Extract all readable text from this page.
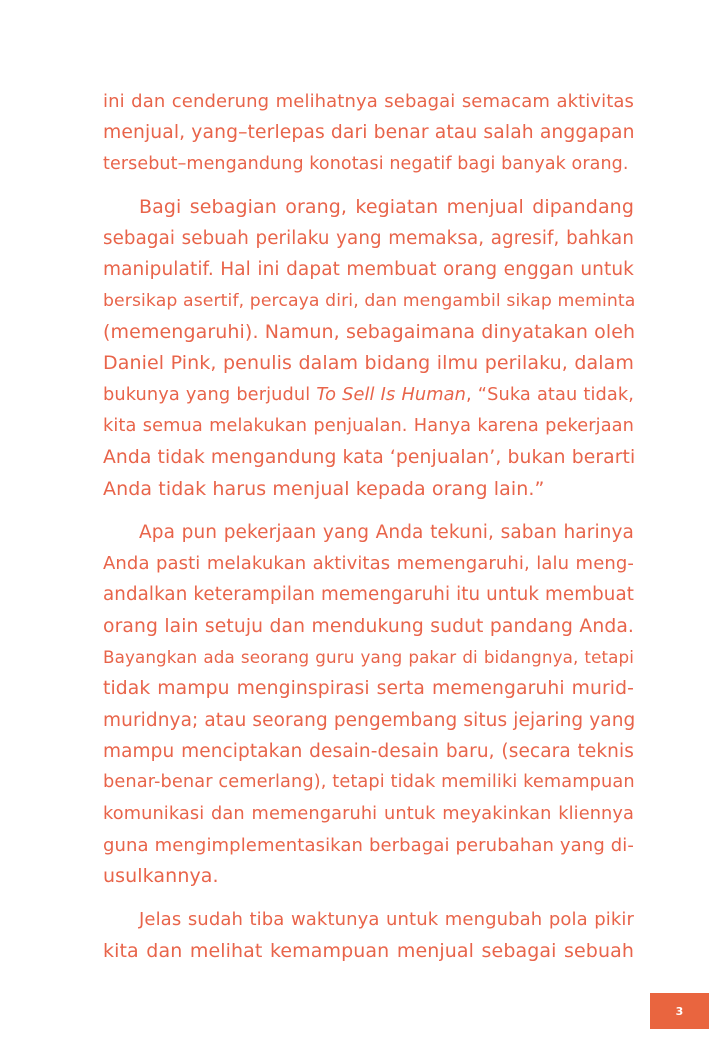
ini dan cenderung melihatnya sebagai semacam aktivitas
menjual, yang–terlepas dari benar atau salah anggapan
tersebut–mengandung konotasi negatif bagi banyak orang.
Bagi sebagian orang, kegiatan menjual dipandang
sebagai sebuah perilaku yang memaksa, agresif, bahkan
manipulatif. Hal ini dapat membuat orang enggan untuk
bersikap asertif, percaya diri, dan mengambil sikap meminta
(memengaruhi). Namun, sebagaimana dinyatakan oleh
Daniel Pink, penulis dalam bidang ilmu perilaku, dalam
bukunya yang berjudul To Sell Is Human, “Suka atau tidak,
kita semua melakukan penjualan. Hanya karena pekerjaan
Anda tidak mengandung kata ‘penjualan’, bukan berarti
Anda tidak harus menjual kepada orang lain.”
Apa pun pekerjaan yang Anda tekuni, saban harinya
Anda pasti melakukan aktivitas memengaruhi, lalu meng-
andalkan keterampilan memengaruhi itu untuk membuat
orang lain setuju dan mendukung sudut pandang Anda.
Bayangkan ada seorang guru yang pakar di bidangnya, tetapi
tidak mampu menginspirasi serta memengaruhi murid-
muridnya; atau seorang pengembang situs jejaring yang
mampu menciptakan desain-desain baru, (secara teknis
benar-benar cemerlang), tetapi tidak memiliki kemampuan
komunikasi dan memengaruhi untuk meyakinkan kliennya
guna mengimplementasikan berbagai perubahan yang di-
usulkannya.
Jelas sudah tiba waktunya untuk mengubah pola pikir
kita dan melihat kemampuan menjual sebagai sebuah
3
